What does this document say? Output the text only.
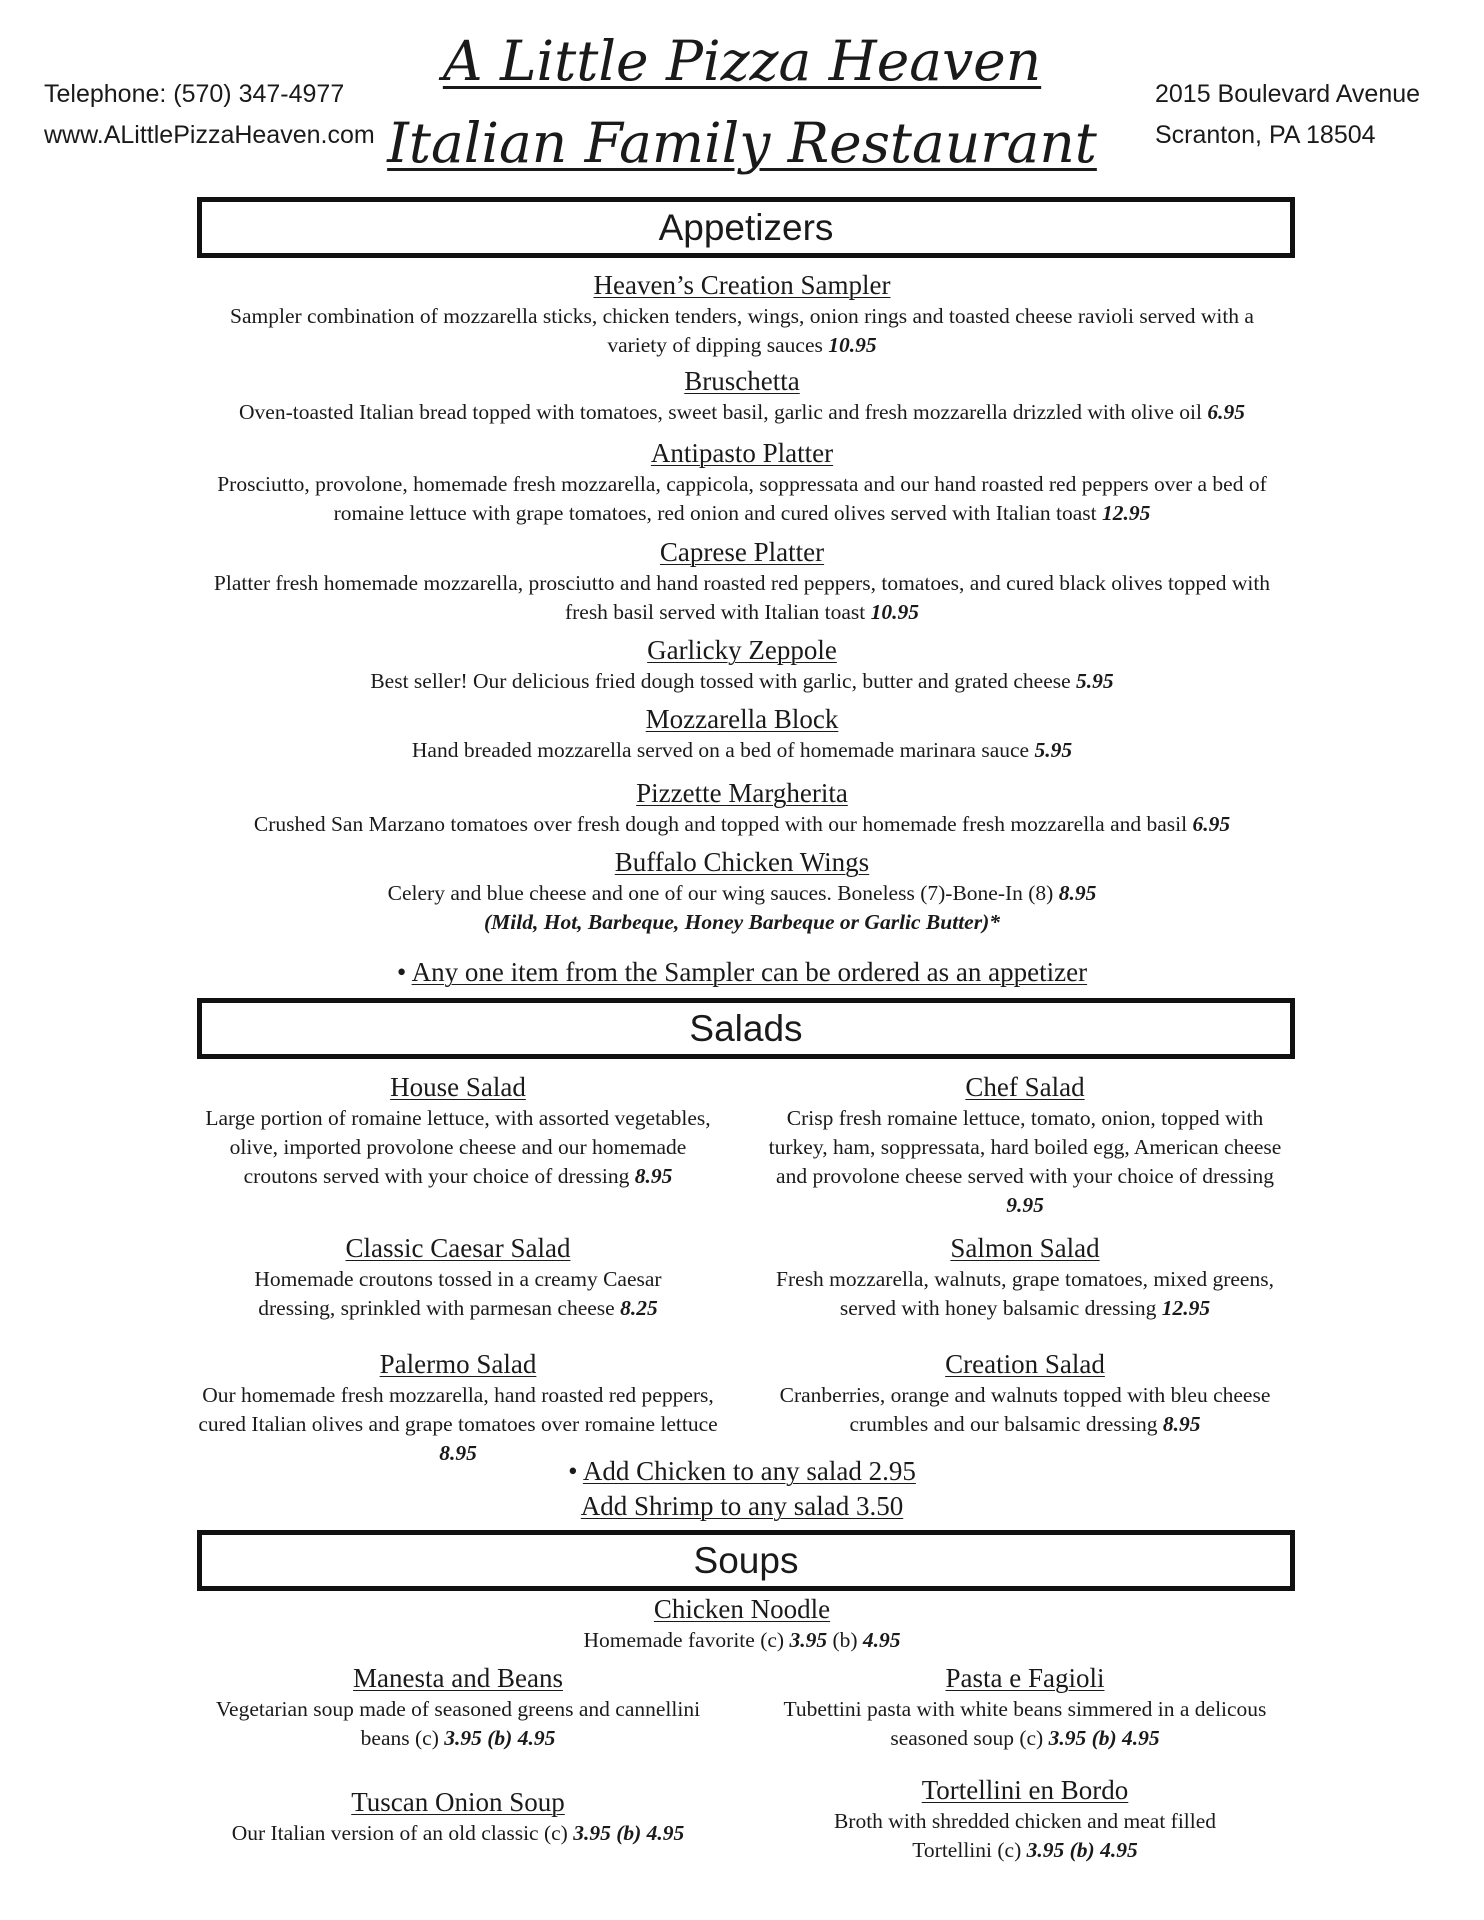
Telephone: (570) 347-4977
www.ALittlePizzaHeaven.com
A Little Pizza Heaven
Italian Family Restaurant
2015 Boulevard Avenue
Scranton, PA 18504
Appetizers
Heaven’s Creation Sampler
Sampler combination of mozzarella sticks, chicken tenders, wings, onion rings and toasted cheese ravioli served with a variety of dipping sauces 10.95
Bruschetta
Oven-toasted Italian bread topped with tomatoes, sweet basil, garlic and fresh mozzarella drizzled with olive oil 6.95
Antipasto Platter
Prosciutto, provolone, homemade fresh mozzarella, cappicola, soppressata and our hand roasted red peppers over a bed of romaine lettuce with grape tomatoes, red onion and cured olives served with Italian toast 12.95
Caprese Platter
Platter fresh homemade mozzarella, prosciutto and hand roasted red peppers, tomatoes, and cured black olives topped with fresh basil served with Italian toast 10.95
Garlicky Zeppole
Best seller! Our delicious fried dough tossed with garlic, butter and grated cheese 5.95
Mozzarella Block
Hand breaded mozzarella served on a bed of homemade marinara sauce 5.95
Pizzette Margherita
Crushed San Marzano tomatoes over fresh dough and topped with our homemade fresh mozzarella and basil 6.95
Buffalo Chicken Wings
Celery and blue cheese and one of our wing sauces. Boneless (7)-Bone-In (8) 8.95
(Mild, Hot, Barbeque, Honey Barbeque or Garlic Butter)*
• Any one item from the Sampler can be ordered as an appetizer
Salads
House Salad
Large portion of romaine lettuce, with assorted vegetables, olive, imported provolone cheese and our homemade croutons served with your choice of dressing 8.95
Chef Salad
Crisp fresh romaine lettuce, tomato, onion, topped with turkey, ham, soppressata, hard boiled egg, American cheese and provolone cheese served with your choice of dressing 9.95
Classic Caesar Salad
Homemade croutons tossed in a creamy Caesar dressing, sprinkled with parmesan cheese 8.25
Salmon Salad
Fresh mozzarella, walnuts, grape tomatoes, mixed greens, served with honey balsamic dressing 12.95
Palermo Salad
Our homemade fresh mozzarella, hand roasted red peppers, cured Italian olives and grape tomatoes over romaine lettuce 8.95
Creation Salad
Cranberries, orange and walnuts topped with bleu cheese crumbles and our balsamic dressing 8.95
• Add Chicken to any salad 2.95
Add Shrimp to any salad 3.50
Soups
Chicken Noodle
Homemade favorite (c) 3.95 (b) 4.95
Manesta and Beans
Vegetarian soup made of seasoned greens and cannellini beans (c) 3.95 (b) 4.95
Pasta e Fagioli
Tubettini pasta with white beans simmered in a delicous seasoned soup (c) 3.95 (b) 4.95
Tuscan Onion Soup
Our Italian version of an old classic (c) 3.95 (b) 4.95
Tortellini en Bordo
Broth with shredded chicken and meat filled Tortellini (c) 3.95 (b) 4.95
